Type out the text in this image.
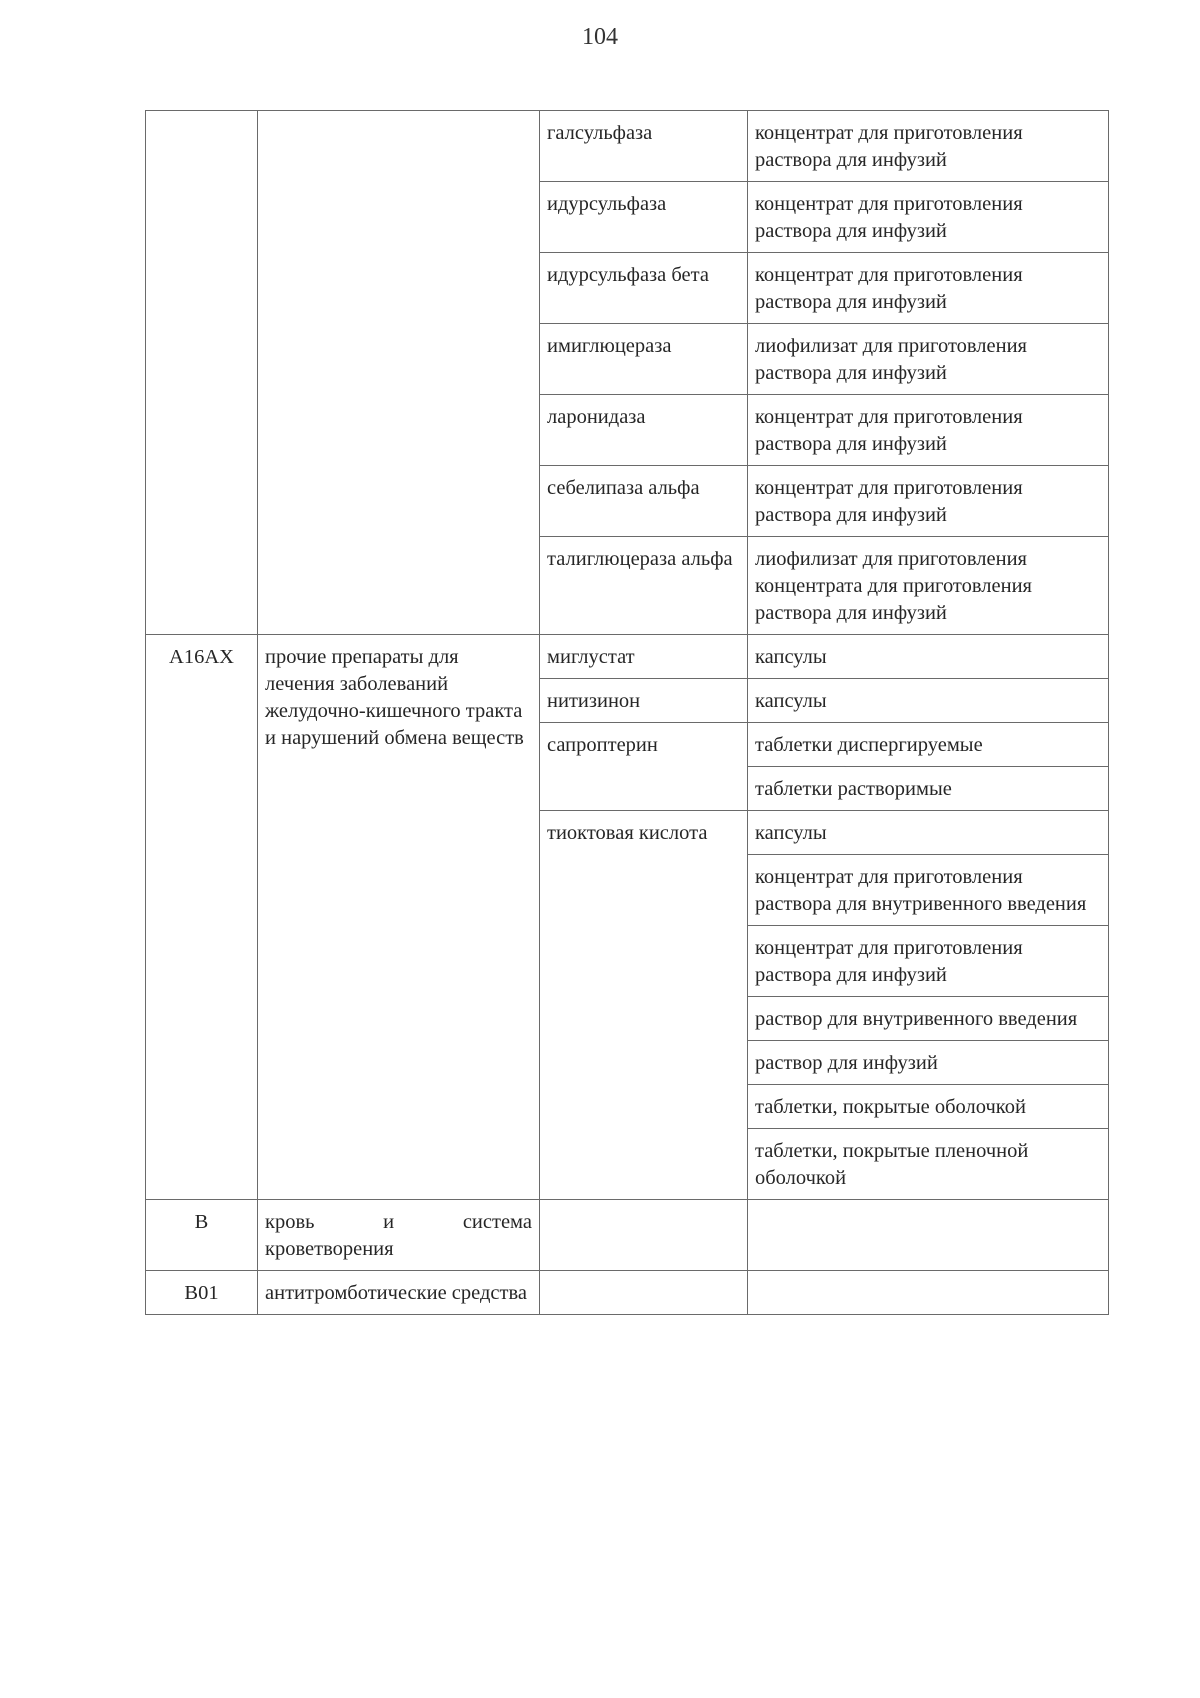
104
		галсульфаза	концентрат для приготовления раствора для инфузий
		идурсульфаза	концентрат для приготовления раствора для инфузий
		идурсульфаза бета	концентрат для приготовления раствора для инфузий
		имиглюцераза	лиофилизат для приготовления раствора для инфузий
		ларонидаза	концентрат для приготовления раствора для инфузий
		себелипаза альфа	концентрат для приготовления раствора для инфузий
		талиглюцераза альфа	лиофилизат для приготовления концентрата для приготовления раствора для инфузий
A16AX	прочие препараты для лечения заболеваний желудочно-кишечного тракта и нарушений обмена веществ	миглустат	капсулы
		нитизинон	капсулы
		сапроптерин	таблетки диспергируемые
			таблетки растворимые
		тиоктовая кислота	капсулы
			концентрат для приготовления раствора для внутривенного введения
			концентрат для приготовления раствора для инфузий
			раствор для внутривенного введения
			раствор для инфузий
			таблетки, покрытые оболочкой
			таблетки, покрытые пленочной оболочкой
B	кровь и система кроветворения		
B01	антитромботические средства		
